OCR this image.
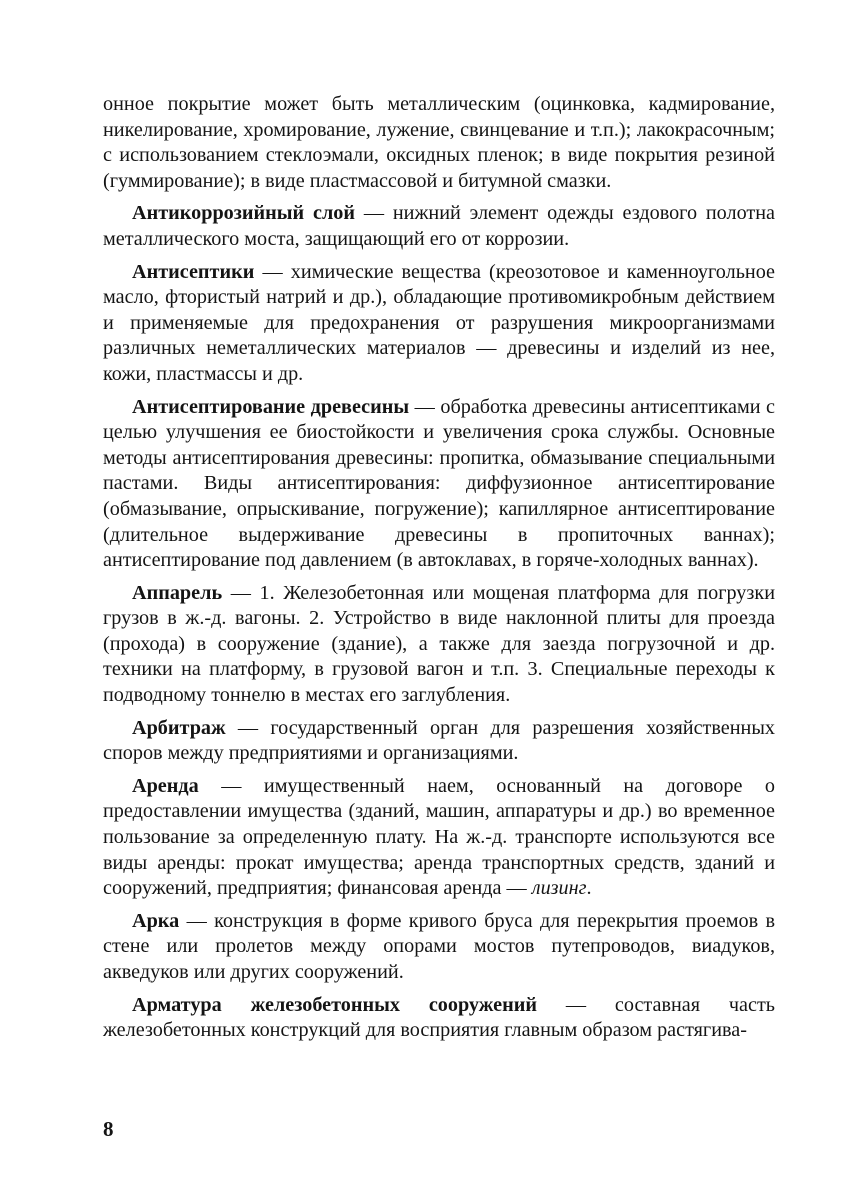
онное покрытие может быть металлическим (оцинковка, кадмирование, никелирование, хромирование, лужение, свинцевание и т.п.); лакокрасочным; с использованием стеклоэмали, оксидных пленок; в виде покрытия резиной (гуммирование); в виде пластмассовой и битумной смазки.

Антикоррозийный слой — нижний элемент одежды ездового полотна металлического моста, защищающий его от коррозии.

Антисептики — химические вещества (креозотовое и каменноугольное масло, фтористый натрий и др.), обладающие противомикробным действием и применяемые для предохранения от разрушения микроорганизмами различных неметаллических материалов — древесины и изделий из нее, кожи, пластмассы и др.

Антисептирование древесины — обработка древесины антисептиками с целью улучшения ее биостойкости и увеличения срока службы. Основные методы антисептирования древесины: пропитка, обмазывание специальными пастами. Виды антисептирования: диффузионное антисептирование (обмазывание, опрыскивание, погружение); капиллярное антисептирование (длительное выдерживание древесины в пропиточных ваннах); антисептирование под давлением (в автоклавах, в горяче-холодных ваннах).

Аппарель — 1. Железобетонная или мощеная платформа для погрузки грузов в ж.-д. вагоны. 2. Устройство в виде наклонной плиты для проезда (прохода) в сооружение (здание), а также для заезда погрузочной и др. техники на платформу, в грузовой вагон и т.п. 3. Специальные переходы к подводному тоннелю в местах его заглубления.

Арбитраж — государственный орган для разрешения хозяйственных споров между предприятиями и организациями.

Аренда — имущественный наем, основанный на договоре о предоставлении имущества (зданий, машин, аппаратуры и др.) во временное пользование за определенную плату. На ж.-д. транспорте используются все виды аренды: прокат имущества; аренда транспортных средств, зданий и сооружений, предприятия; финансовая аренда — лизинг.

Арка — конструкция в форме кривого бруса для перекрытия проемов в стене или пролетов между опорами мостов путепроводов, виадуков, акведуков или других сооружений.

Арматура железобетонных сооружений — составная часть железобетонных конструкций для восприятия главным образом растягива-

8
